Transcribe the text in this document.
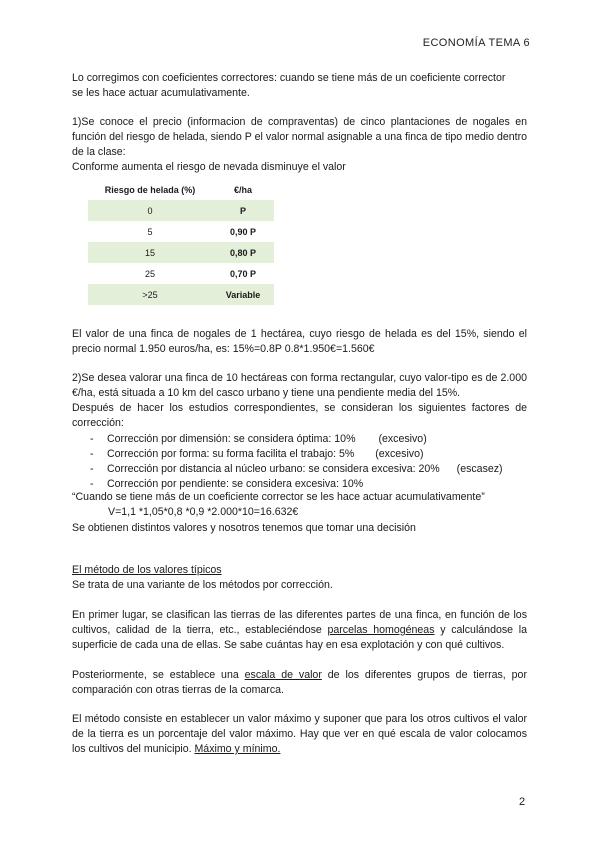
ECONOMÍA TEMA 6
Lo corregimos con coeficientes correctores: cuando se tiene más de un coeficiente corrector
se les hace actuar acumulativamente.
1)Se conoce el precio (informacion de compraventas) de cinco plantaciones de nogales en función del riesgo de helada, siendo P el valor normal asignable a una finca de tipo medio dentro de la clase:
Conforme aumenta el riesgo de nevada disminuye el valor
Riesgo de helada (%)	€/ha
0	P
5	0,90 P
15	0,80 P
25	0,70 P
>25	Variable
El valor de una finca de nogales de 1 hectárea, cuyo riesgo de helada es del 15%, siendo el
precio normal 1.950 euros/ha, es: 15%=0.8P 0.8*1.950€=1.560€
2)Se desea valorar una finca de 10 hectáreas con forma rectangular, cuyo valor-tipo es de 2.000 €/ha, está situada a 10 km del casco urbano y tiene una pendiente media del 15%.
Después de hacer los estudios correspondientes, se consideran los siguientes factores de corrección:
- Corrección por dimensión: se considera óptima: 10% (excesivo)
- Corrección por forma: su forma facilita el trabajo: 5% (excesivo)
- Corrección por distancia al núcleo urbano: se considera excesiva: 20% (escasez)
- Corrección por pendiente: se considera excesiva: 10%
“Cuando se tiene más de un coeficiente corrector se les hace actuar acumulativamente”
V=1,1 *1,05*0,8 *0,9 *2.000*10=16.632€
Se obtienen distintos valores y nosotros tenemos que tomar una decisión
El método de los valores típicos
Se trata de una variante de los métodos por corrección.
En primer lugar, se clasifican las tierras de las diferentes partes de una finca, en función de los cultivos, calidad de la tierra, etc., estableciéndose parcelas homogéneas y calculándose la superficie de cada una de ellas. Se sabe cuántas hay en esa explotación y con qué cultivos.
Posteriormente, se establece una escala de valor de los diferentes grupos de tierras, por comparación con otras tierras de la comarca.
El método consiste en establecer un valor máximo y suponer que para los otros cultivos el valor de la tierra es un porcentaje del valor máximo. Hay que ver en qué escala de valor colocamos los cultivos del municipio. Máximo y mínimo.
2
